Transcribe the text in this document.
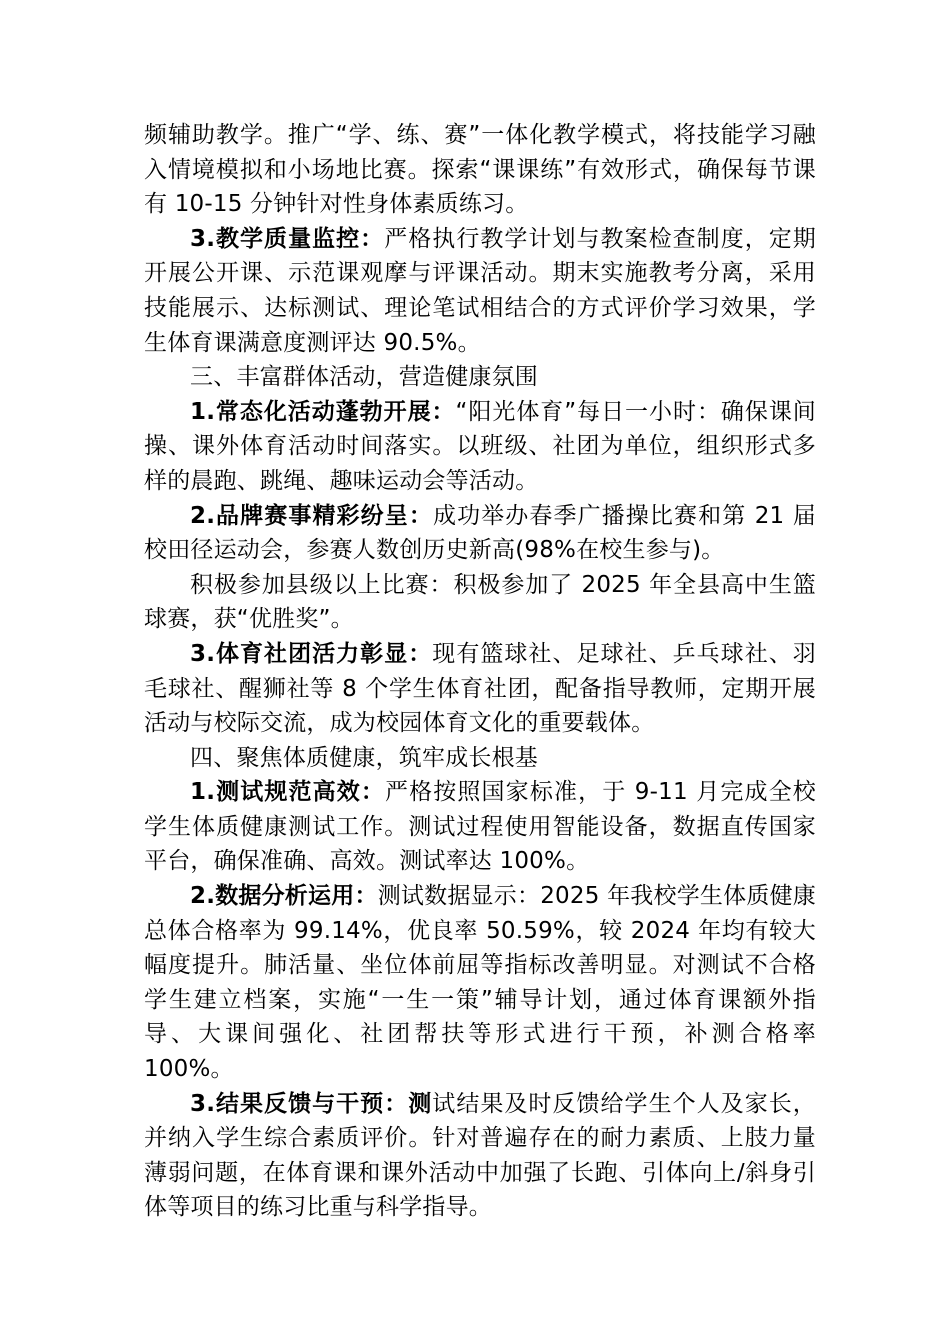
频辅助教学。推广“学、练、赛”一体化教学模式，将技能学习融入情境模拟和小场地比赛。探索“课课练”有效形式，确保每节课有 10-15 分钟针对性身体素质练习。

3.教学质量监控：严格执行教学计划与教案检查制度，定期开展公开课、示范课观摩与评课活动。期末实施教考分离，采用技能展示、达标测试、理论笔试相结合的方式评价学习效果，学生体育课满意度测评达 90.5%。

三、丰富群体活动，营造健康氛围

1.常态化活动蓬勃开展：“阳光体育”每日一小时：确保课间操、课外体育活动时间落实。以班级、社团为单位，组织形式多样的晨跑、跳绳、趣味运动会等活动。

2.品牌赛事精彩纷呈：成功举办春季广播操比赛和第 21 届校田径运动会，参赛人数创历史新高(98%在校生参与)。

积极参加县级以上比赛：积极参加了 2025 年全县高中生篮球赛，获“优胜奖”。

3.体育社团活力彰显：现有篮球社、足球社、乒乓球社、羽毛球社、醒狮社等 8 个学生体育社团，配备指导教师，定期开展活动与校际交流，成为校园体育文化的重要载体。

四、聚焦体质健康，筑牢成长根基

1.测试规范高效：严格按照国家标准，于 9-11 月完成全校学生体质健康测试工作。测试过程使用智能设备，数据直传国家平台，确保准确、高效。测试率达 100%。

2.数据分析运用：测试数据显示：2025 年我校学生体质健康总体合格率为 99.14%，优良率 50.59%，较 2024 年均有较大幅度提升。肺活量、坐位体前屈等指标改善明显。对测试不合格学生建立档案，实施“一生一策”辅导计划，通过体育课额外指导、大课间强化、社团帮扶等形式进行干预，补测合格率 100%。

3.结果反馈与干预：测试结果及时反馈给学生个人及家长，并纳入学生综合素质评价。针对普遍存在的耐力素质、上肢力量薄弱问题，在体育课和课外活动中加强了长跑、引体向上/斜身引体等项目的练习比重与科学指导。
